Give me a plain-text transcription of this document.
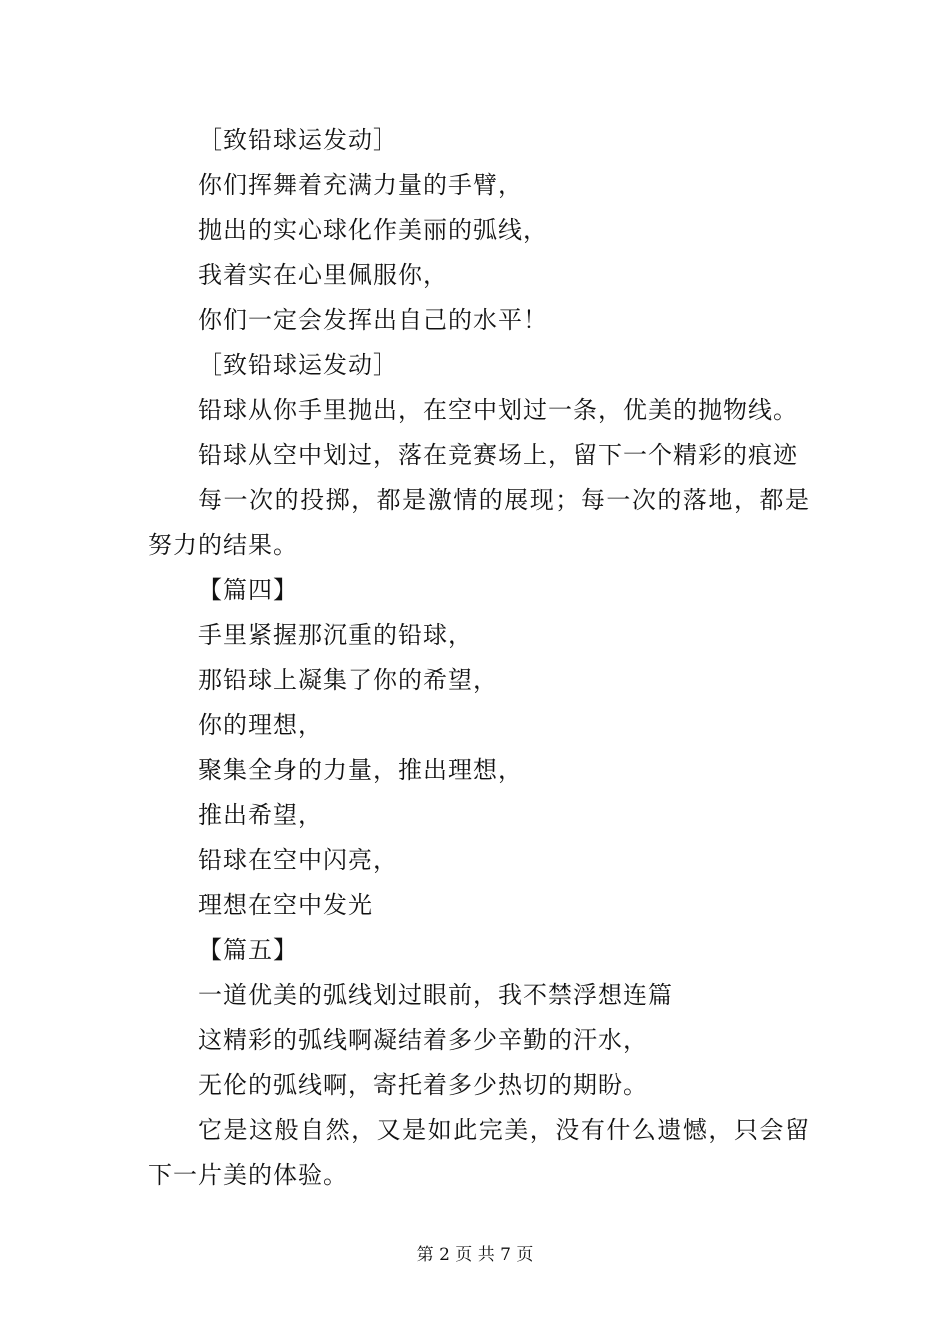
［致铅球运发动］
你们挥舞着充满力量的手臂，
抛出的实心球化作美丽的弧线，
我着实在心里佩服你，
你们一定会发挥出自己的水平！
［致铅球运发动］
铅球从你手里抛出，在空中划过一条，优美的抛物线。
铅球从空中划过，落在竞赛场上，留下一个精彩的痕迹
每一次的投掷，都是激情的展现；每一次的落地，都是努力的结果。
【篇四】
手里紧握那沉重的铅球，
那铅球上凝集了你的希望，
你的理想，
聚集全身的力量，推出理想，
推出希望，
铅球在空中闪亮，
理想在空中发光
【篇五】
一道优美的弧线划过眼前，我不禁浮想连篇
这精彩的弧线啊凝结着多少辛勤的汗水，
无伦的弧线啊，寄托着多少热切的期盼。
它是这般自然，又是如此完美，没有什么遗憾，只会留下一片美的体验。
第 2 页 共 7 页
